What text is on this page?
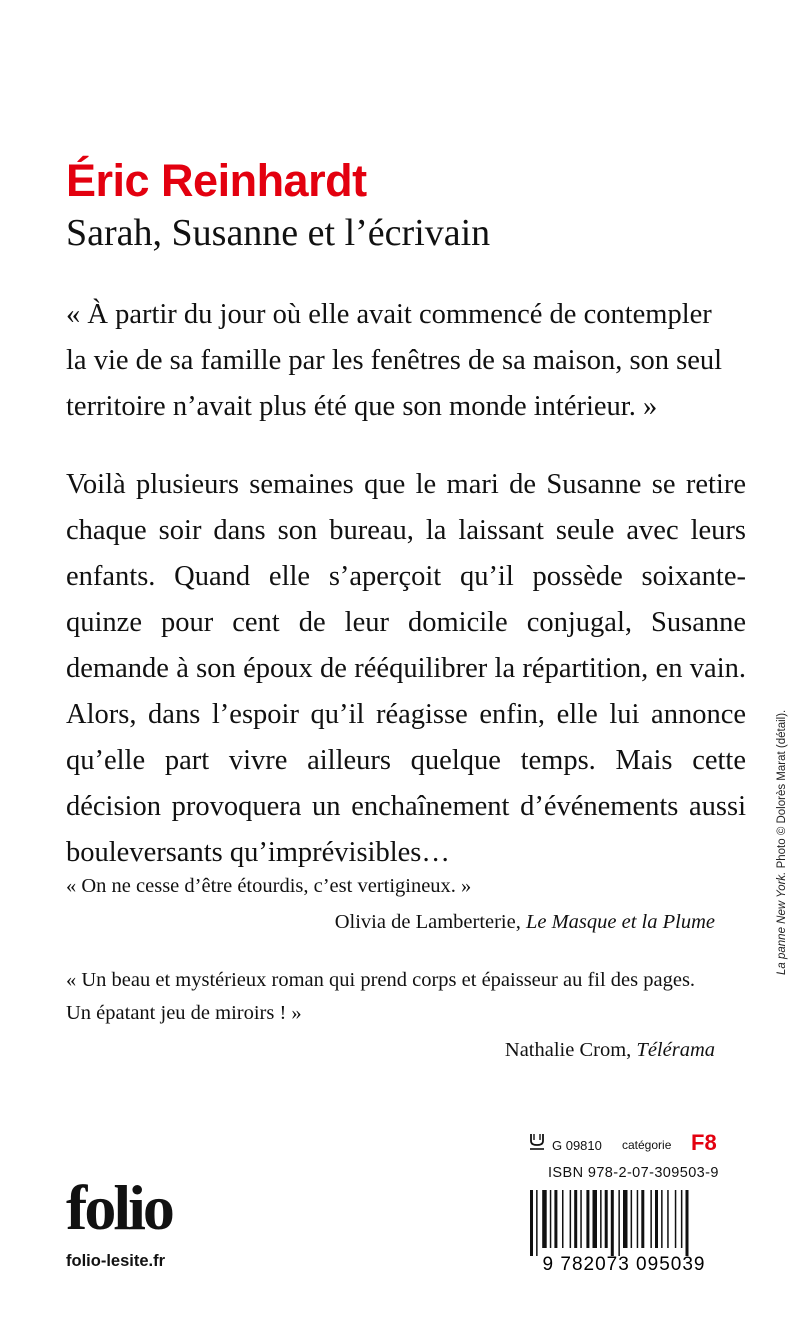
Éric Reinhardt
Sarah, Susanne et l’écrivain

« À partir du jour où elle avait commencé de contempler la vie de sa famille par les fenêtres de sa maison, son seul territoire n’avait plus été que son monde intérieur. »

Voilà plusieurs semaines que le mari de Susanne se retire chaque soir dans son bureau, la laissant seule avec leurs enfants. Quand elle s’aperçoit qu’il possède soixante-quinze pour cent de leur domicile conjugal, Susanne demande à son époux de rééquilibrer la répartition, en vain. Alors, dans l’espoir qu’il réagisse enfin, elle lui annonce qu’elle part vivre ailleurs quelque temps. Mais cette décision provoquera un enchaînement d’événements aussi bouleversants qu’imprévisibles…

« On ne cesse d’être étourdis, c’est vertigineux. »

Olivia de Lamberterie, Le Masque et la Plume

« Un beau et mystérieux roman qui prend corps et épaisseur au fil des pages. Un épatant jeu de miroirs ! »

Nathalie Crom, Télérama
La panne New York. Photo © Dolorès Marat (détail).
G 09810 catégorie F8
ISBN 978-2-07-309503-9
9 782073 095039
folio
folio-lesite.fr
